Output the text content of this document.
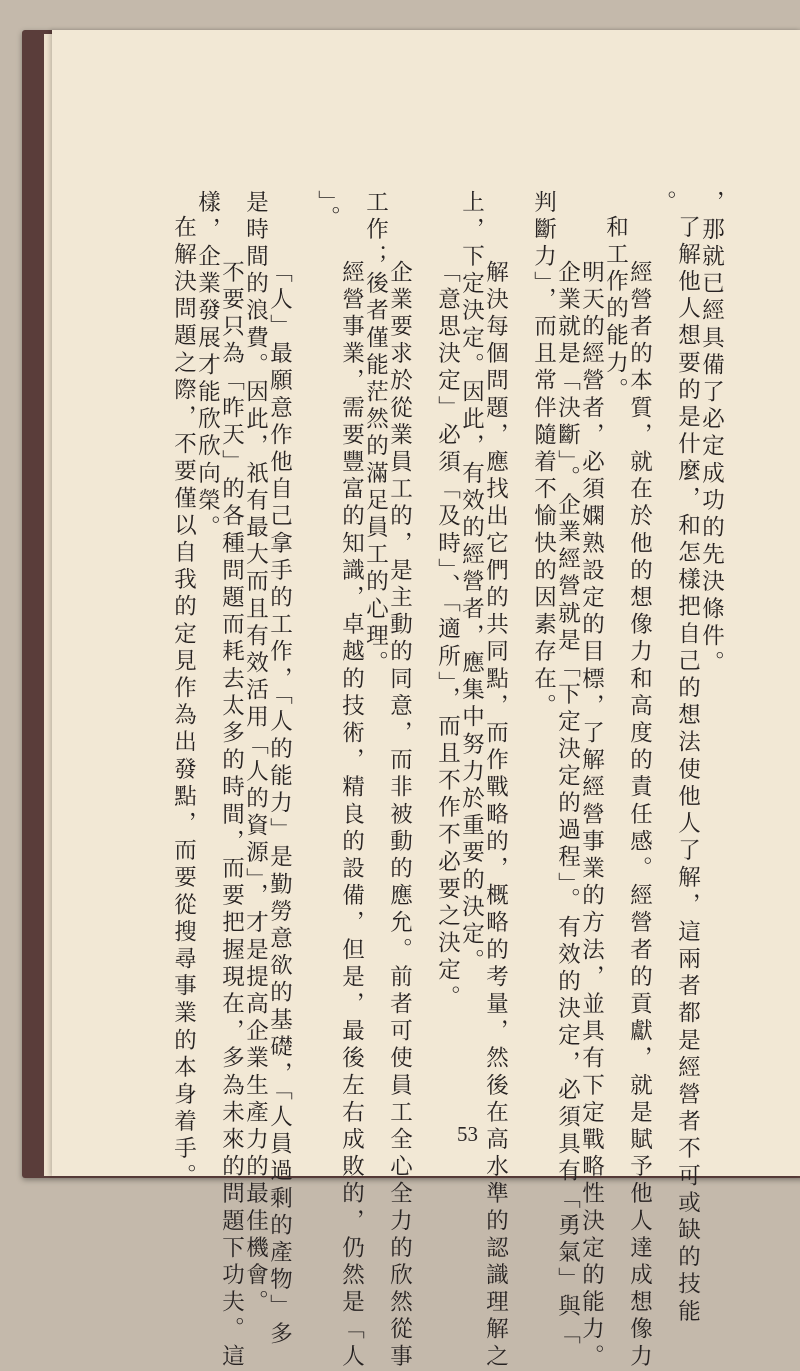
，那就已經具備了必定成功的先決條件。
了解他人想要的是什麼，和怎樣把自己的想法使他人了解，這兩者都是經營者不可或缺的技能
。
經營者的本質，就在於他的想像力和高度的責任感。經營者的貢獻，就是賦予他人達成想像力
和工作的能力。
明天的經營者，必須嫻熟設定的目標，了解經營事業的方法，並具有下定戰略性決定的能力。
企業就是「決斷」。企業經營就是「下定決定的過程」。有效的決定，必須具有「勇氣」與「
判斷力」，而且常伴隨着不愉快的因素存在。
解決每個問題，應找出它們的共同點，而作戰略的，概略的考量，然後在高水準的認識理解之
上，下定決定。因此，有效的經營者，應集中努力於重要的決定。
「意思決定」必須「及時」、「適所」，而且不作不必要之決定。
企業要求於從業員工的，是主動的同意，而非被動的應允。前者可使員工全心全力的欣然從事
工作；後者僅能茫然的滿足員工的心理。
經營事業，需要豐富的知識，卓越的技術，精良的設備，但是，最後左右成敗的，仍然是「人
」。
「人」最願意作他自己拿手的工作，「人的能力」是勤勞意欲的基礎，「人員過剩的產物」多
是時間的浪費。因此，祇有最大而且有效活用「人的資源」，才是提高企業生產力的最佳機會。
不要只為「昨天」的各種問題而耗去太多的時間，而要把握現在，多為未來的問題下功夫。這
樣，企業發展才能欣欣向榮。
在解決問題之際，不要僅以自我的定見作為出發點，而要從搜尋事業的本身着手。	53
